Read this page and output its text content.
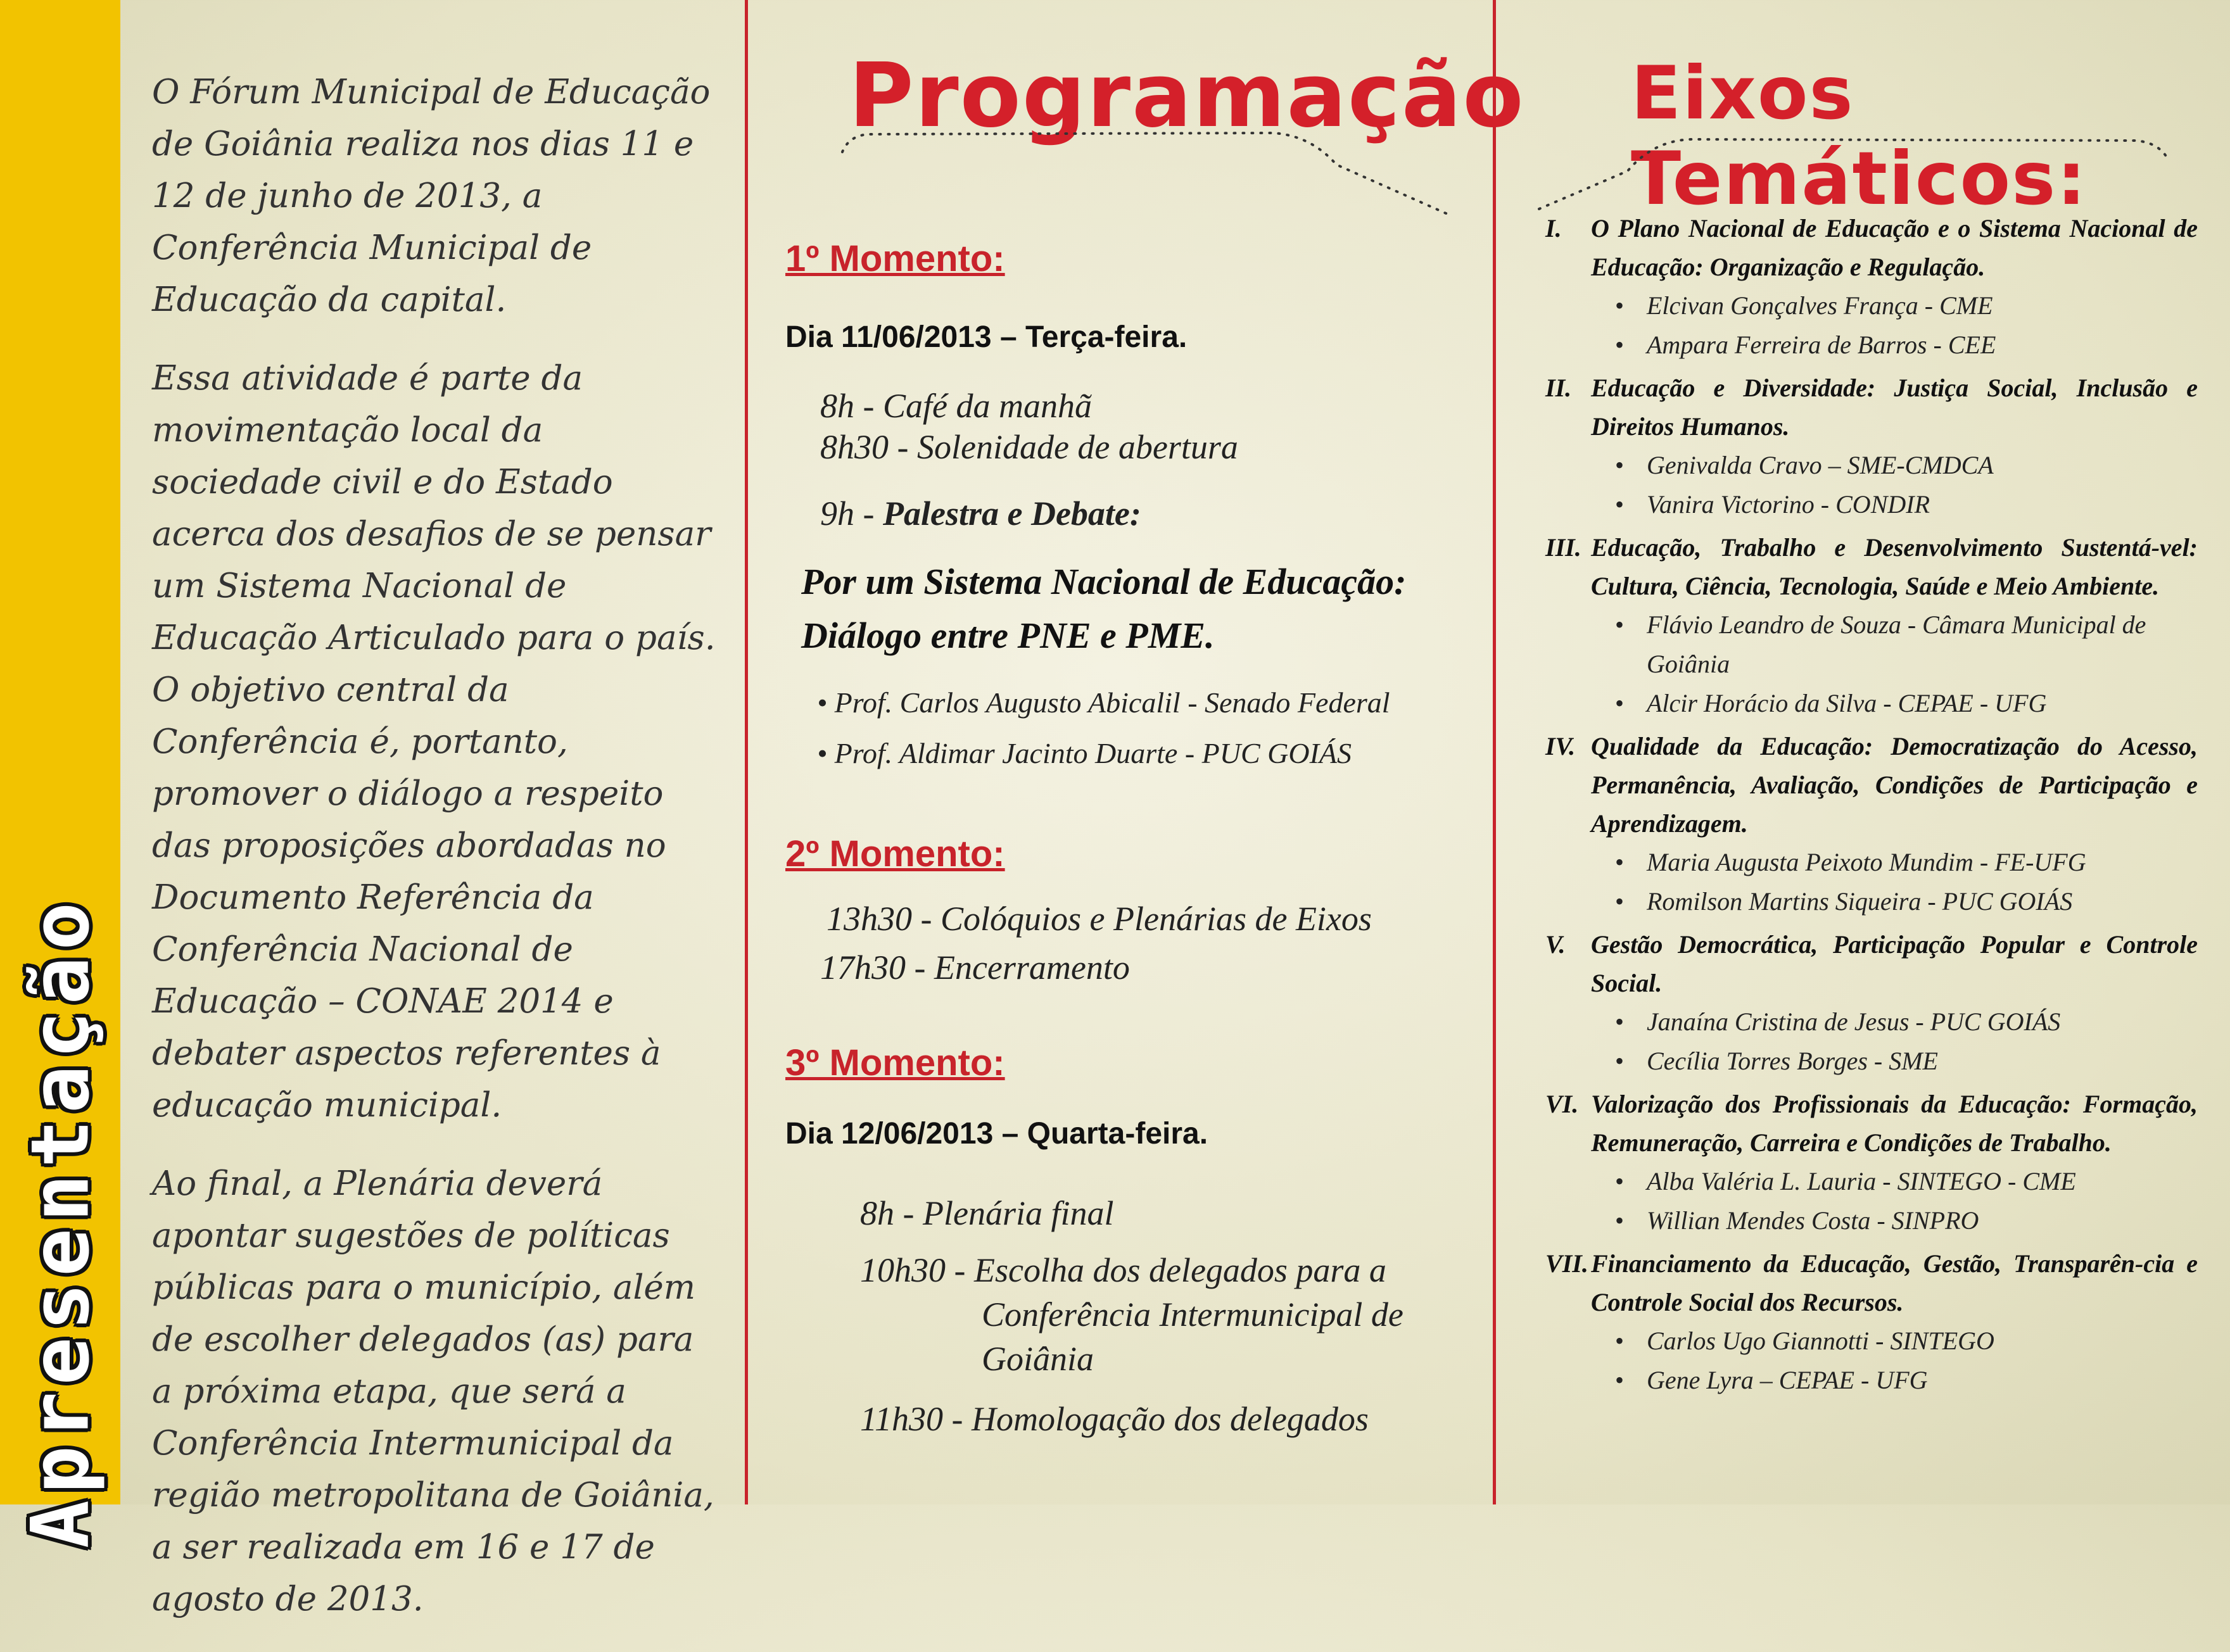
Apresentação

O Fórum Municipal de Educação de Goiânia realiza nos dias 11 e 12 de junho de 2013, a Conferência Municipal de Educação da capital.

Essa atividade é parte da movimentação local da sociedade civil e do Estado acerca dos desafios de se pensar um Sistema Nacional de Educação Articulado para o país. O objetivo central da Conferência é, portanto, promover o diálogo a respeito das proposições abordadas no Documento Referência da Conferência Nacional de Educação – CONAE 2014 e debater aspectos referentes à educação municipal.

Ao final, a Plenária deverá apontar sugestões de políticas públicas para o município, além de escolher delegados (as) para a próxima etapa, que será a Conferência Intermunicipal da região metropolitana de Goiânia, a ser realizada em 16 e 17 de agosto de 2013.

Programação

1º Momento:

Dia 11/06/2013 – Terça-feira.

8h - Café da manhã

8h30 - Solenidade de abertura

9h - Palestra e Debate:

Por um Sistema Nacional de Educação:

Diálogo entre PNE e PME.

• Prof. Carlos Augusto Abicalil - Senado Federal

• Prof. Aldimar Jacinto Duarte - PUC GOIÁS

2º Momento:

13h30 - Colóquios e Plenárias de Eixos

17h30 - Encerramento

3º Momento:

Dia 12/06/2013 – Quarta-feira.

8h - Plenária final

10h30 - Escolha dos delegados para a

Conferência Intermunicipal de

Goiânia

11h30 - Homologação dos delegados

Eixos Temáticos:
I.	O Plano Nacional de Educação e o Sistema Nacional de Educação: Organização e Regulação.
• Elcivan Gonçalves França - CME
• Ampara Ferreira de Barros - CEE
II. Educação e Diversidade: Justiça Social, Inclusão e Direitos Humanos.
• Genivalda Cravo – SME-CMDCA
• Vanira Victorino - CONDIR
III. Educação, Trabalho e Desenvolvimento Sustentá-vel: Cultura, Ciência, Tecnologia, Saúde e Meio Ambiente.
• Flávio Leandro de Souza - Câmara Municipal de Goiânia
• Alcir Horácio da Silva - CEPAE - UFG
IV. Qualidade da Educação: Democratização do Acesso, Permanência, Avaliação, Condições de Participação e Aprendizagem.
• Maria Augusta Peixoto Mundim - FE-UFG
• Romilson Martins Siqueira - PUC GOIÁS
V.	Gestão Democrática, Participação Popular e Controle Social.
• Janaína Cristina de Jesus - PUC GOIÁS
• Cecília Torres Borges - SME
VI. Valorização dos Profissionais da Educação: Formação, Remuneração, Carreira e Condições de Trabalho.
• Alba Valéria L. Lauria - SINTEGO - CME
• Willian Mendes Costa - SINPRO
VII. Financiamento da Educação, Gestão, Transparên-cia e Controle Social dos Recursos.
• Carlos Ugo Giannotti - SINTEGO
• Gene Lyra – CEPAE - UFG
